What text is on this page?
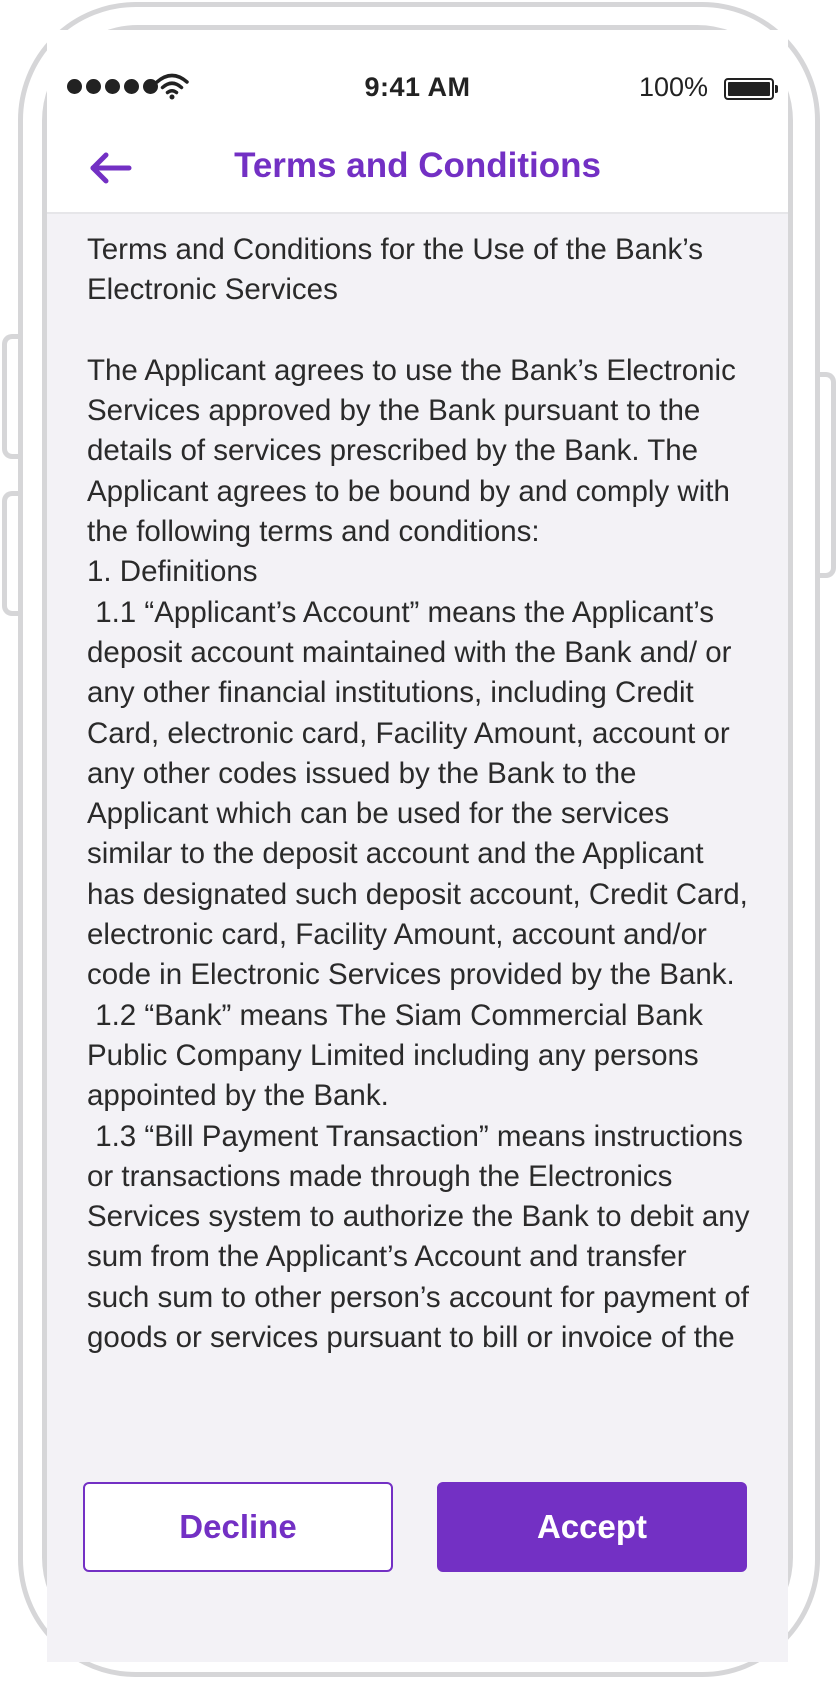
9:41 AM	100%
Terms and Conditions
Terms and Conditions for the Use of the Bank’s Electronic Services

The Applicant agrees to use the Bank’s Electronic Services approved by the Bank pursuant to the details of services prescribed by the Bank. The Applicant agrees to be bound by and comply with the following terms and conditions:
1. Definitions
1.1 “Applicant’s Account” means the Applicant’s deposit account maintained with the Bank and/ or any other financial institutions, including Credit Card, electronic card, Facility Amount, account or any other codes issued by the Bank to the Applicant which can be used for the services similar to the deposit account and the Applicant has designated such deposit account, Credit Card, electronic card, Facility Amount, account and/or code in Electronic Services provided by the Bank.
1.2 “Bank” means The Siam Commercial Bank Public Company Limited including any persons appointed by the Bank.
1.3 “Bill Payment Transaction” means instructions or transactions made through the Electronics Services system to authorize the Bank to debit any sum from the Applicant’s Account and transfer such sum to other person’s account for payment of goods or services pursuant to bill or invoice of the
Decline	Accept
